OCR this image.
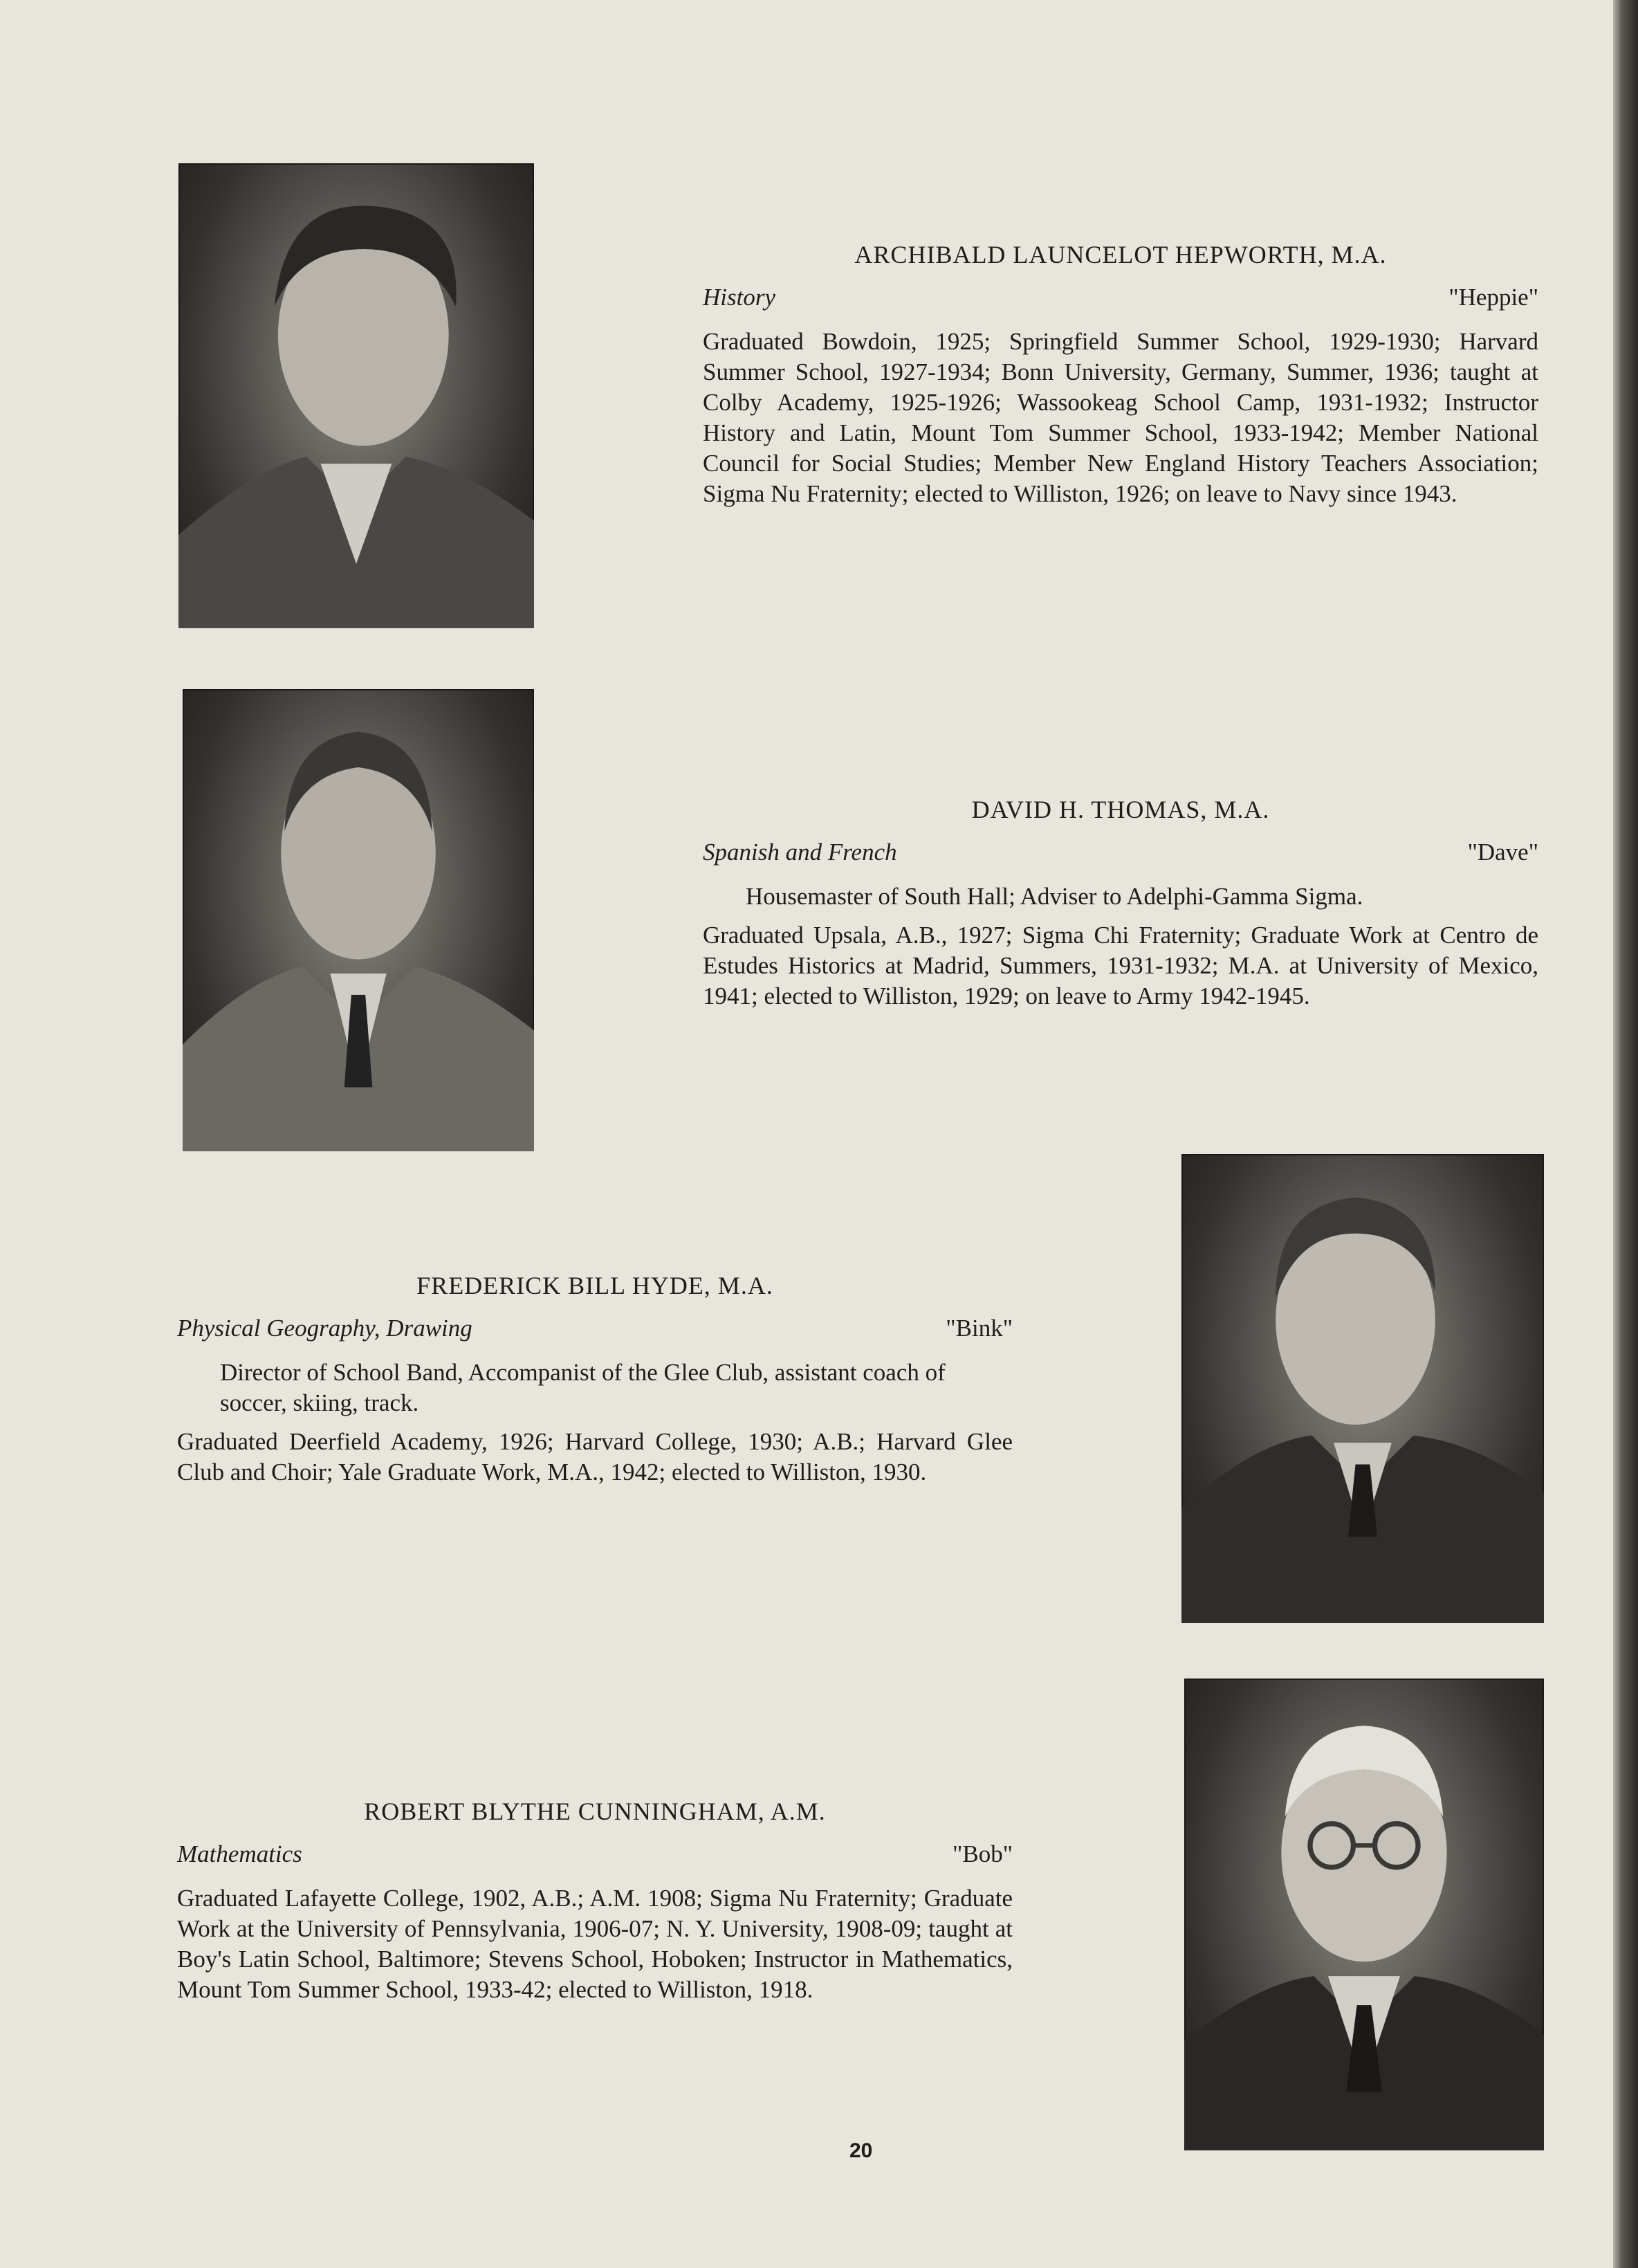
ARCHIBALD LAUNCELOT HEPWORTH, M.A.
History	"Heppie"

Graduated Bowdoin, 1925; Springfield Summer School, 1929-1930; Harvard Summer School, 1927-1934; Bonn University, Germany, Summer, 1936; taught at Colby Academy, 1925-1926; Wassookeag School Camp, 1931-1932; Instructor History and Latin, Mount Tom Summer School, 1933-1942; Member National Council for Social Studies; Member New England History Teachers Association; Sigma Nu Fraternity; elected to Williston, 1926; on leave to Navy since 1943.

DAVID H. THOMAS, M.A.
Spanish and French	"Dave"

Housemaster of South Hall; Adviser to Adelphi-Gamma Sigma.

Graduated Upsala, A.B., 1927; Sigma Chi Fraternity; Graduate Work at Centro de Estudes Historics at Madrid, Summers, 1931-1932; M.A. at University of Mexico, 1941; elected to Williston, 1929; on leave to Army 1942-1945.

FREDERICK BILL HYDE, M.A.
Physical Geography, Drawing	"Bink"

Director of School Band, Accompanist of the Glee Club, assistant coach of soccer, skiing, track.

Graduated Deerfield Academy, 1926; Harvard College, 1930; A.B.; Harvard Glee Club and Choir; Yale Graduate Work, M.A., 1942; elected to Williston, 1930.

ROBERT BLYTHE CUNNINGHAM, A.M.
Mathematics	"Bob"

Graduated Lafayette College, 1902, A.B.; A.M. 1908; Sigma Nu Fraternity; Graduate Work at the University of Pennsylvania, 1906-07; N. Y. University, 1908-09; taught at Boy's Latin School, Baltimore; Stevens School, Hoboken; Instructor in Mathematics, Mount Tom Summer School, 1933-42; elected to Williston, 1918.

20
